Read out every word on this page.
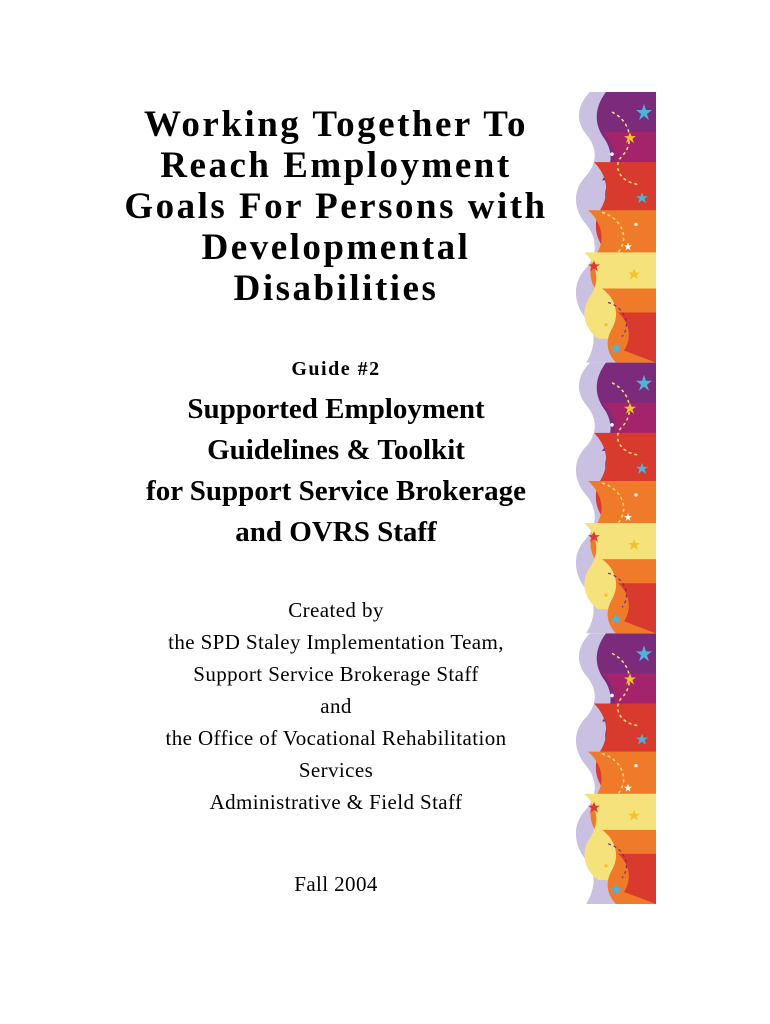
Working Together To
Reach Employment
Goals For Persons with
Developmental
Disabilities

Guide #2

Supported Employment
Guidelines & Toolkit
for Support Service Brokerage
and OVRS Staff
Created by
the SPD Staley Implementation Team,
Support Service Brokerage Staff
and
the Office of Vocational Rehabilitation
Services
Administrative & Field Staff

Fall 2004
